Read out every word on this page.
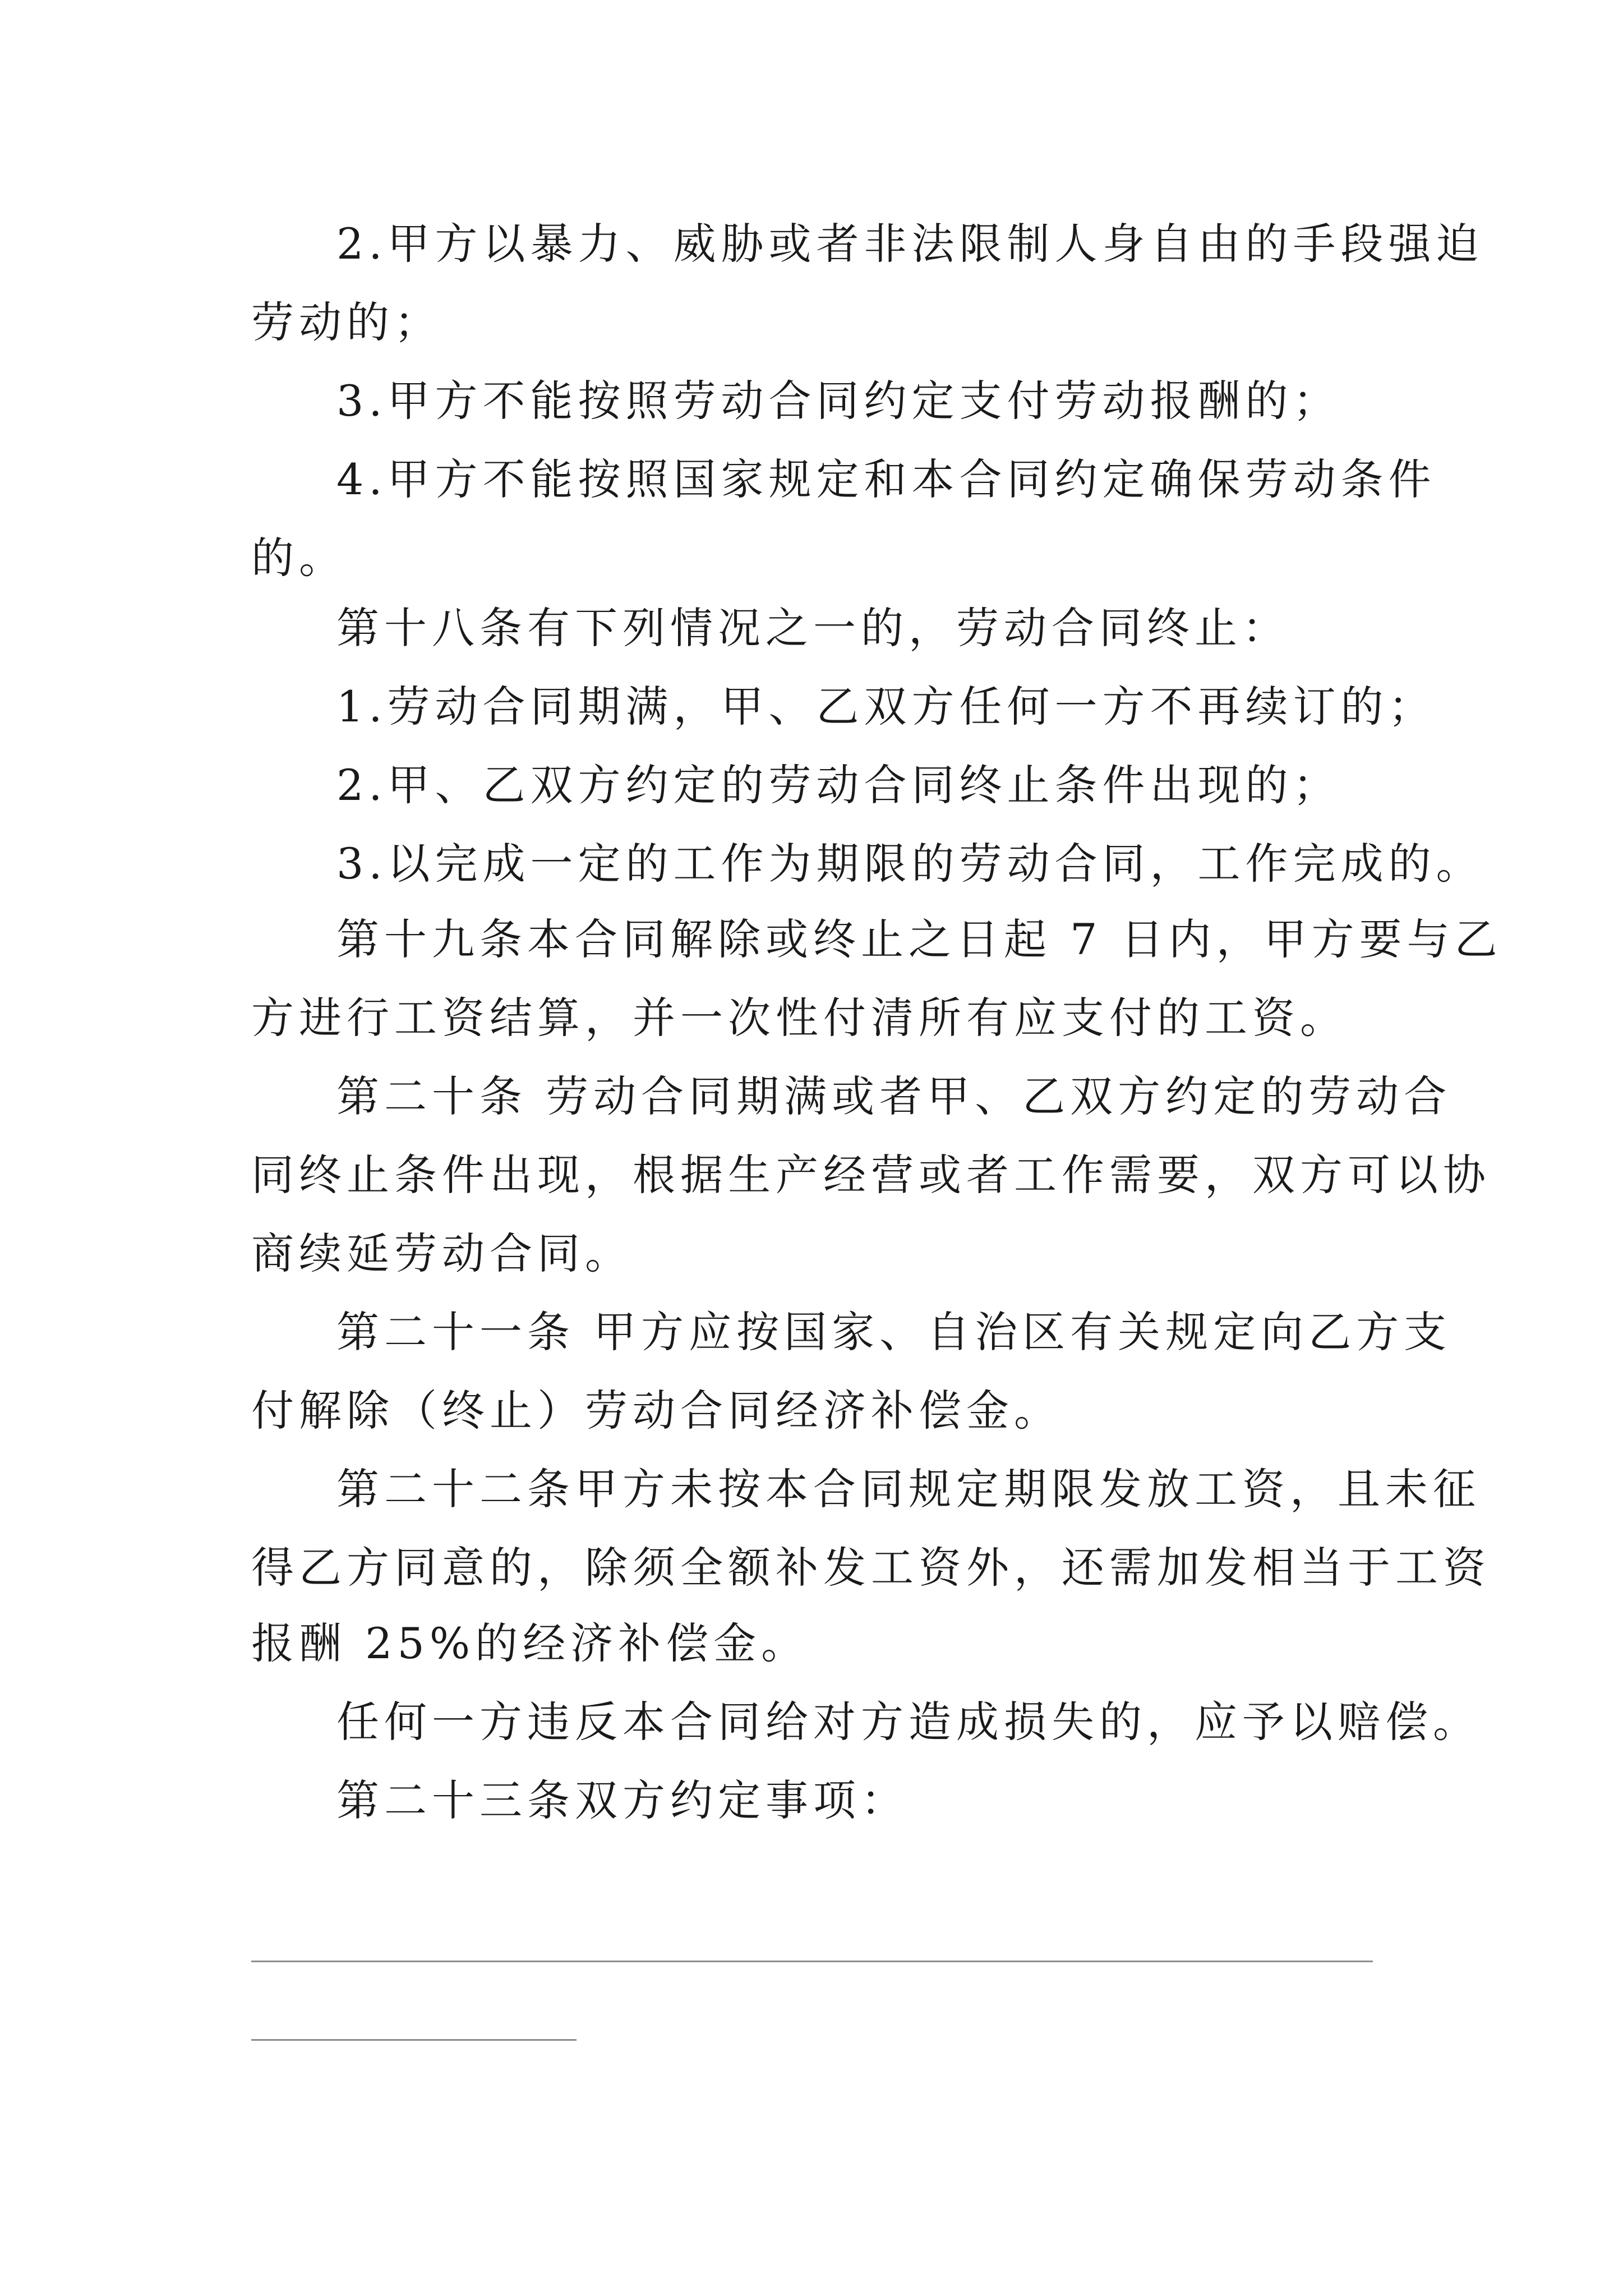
2.甲方以暴力、威胁或者非法限制人身自由的手段强迫
劳动的；
3.甲方不能按照劳动合同约定支付劳动报酬的；
4.甲方不能按照国家规定和本合同约定确保劳动条件
的。
第十八条有下列情况之一的，劳动合同终止：
1.劳动合同期满，甲、乙双方任何一方不再续订的；
2.甲、乙双方约定的劳动合同终止条件出现的；
3.以完成一定的工作为期限的劳动合同，工作完成的。
第十九条本合同解除或终止之日起 7 日内，甲方要与乙
方进行工资结算，并一次性付清所有应支付的工资。
第二十条 劳动合同期满或者甲、乙双方约定的劳动合
同终止条件出现，根据生产经营或者工作需要，双方可以协
商续延劳动合同。
第二十一条 甲方应按国家、自治区有关规定向乙方支
付解除（终止）劳动合同经济补偿金。
第二十二条甲方未按本合同规定期限发放工资，且未征
得乙方同意的，除须全额补发工资外，还需加发相当于工资
报酬 25%的经济补偿金。
任何一方违反本合同给对方造成损失的，应予以赔偿。
第二十三条双方约定事项：
